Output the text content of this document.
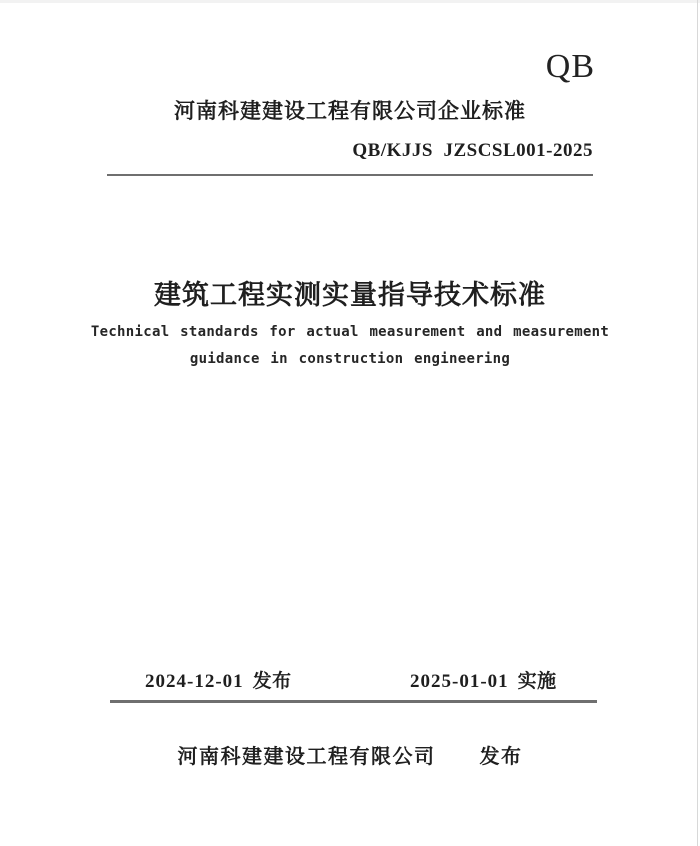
QB
河南科建建设工程有限公司企业标准
QB/KJJS  JZSCSL001-2025
建筑工程实测实量指导技术标准
Technical standards for actual measurement and measurement
guidance in construction engineering
2024-12-01 发布	2025-01-01 实施
河南科建建设工程有限公司 发布
